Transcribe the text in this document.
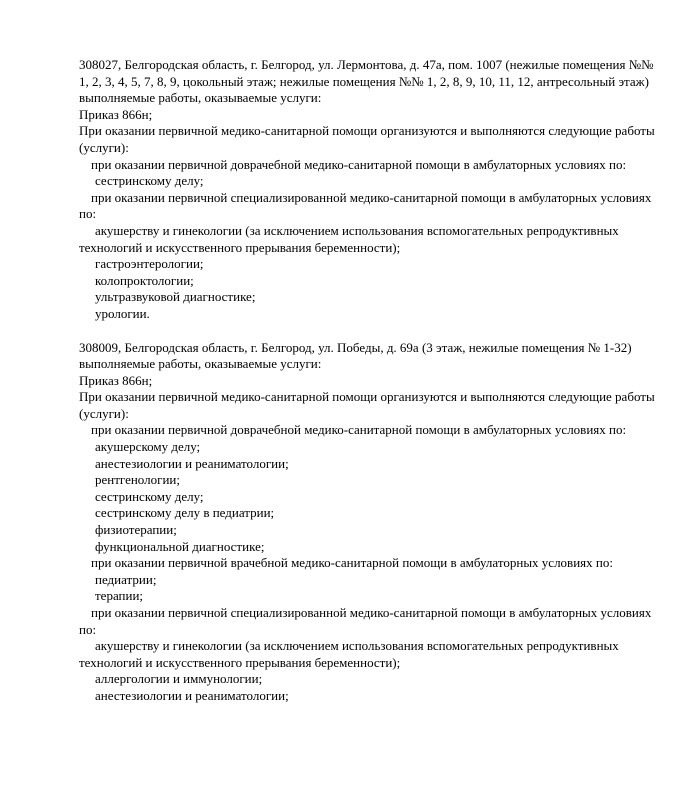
308027, Белгородская область, г. Белгород, ул. Лермонтова, д. 47а, пом. 1007 (нежилые помещения №№ 1, 2, 3, 4, 5, 7, 8, 9, цокольный этаж; нежилые помещения №№ 1, 2, 8, 9, 10, 11, 12, антресольный этаж)
выполняемые работы, оказываемые услуги:
Приказ 866н;
При оказании первичной медико-санитарной помощи организуются и выполняются следующие работы (услуги):
при оказании первичной доврачебной медико-санитарной помощи в амбулаторных условиях по:
сестринскому делу;
при оказании первичной специализированной медико-санитарной помощи в амбулаторных условиях по:
акушерству и гинекологии (за исключением использования вспомогательных репродуктивных технологий и искусственного прерывания беременности);
гастроэнтерологии;
колопроктологии;
ультразвуковой диагностике;
урологии.
308009, Белгородская область, г. Белгород, ул. Победы, д. 69а (3 этаж, нежилые помещения № 1-32)
выполняемые работы, оказываемые услуги:
Приказ 866н;
При оказании первичной медико-санитарной помощи организуются и выполняются следующие работы (услуги):
при оказании первичной доврачебной медико-санитарной помощи в амбулаторных условиях по:
акушерскому делу;
анестезиологии и реаниматологии;
рентгенологии;
сестринскому делу;
сестринскому делу в педиатрии;
физиотерапии;
функциональной диагностике;
при оказании первичной врачебной медико-санитарной помощи в амбулаторных условиях по:
педиатрии;
терапии;
при оказании первичной специализированной медико-санитарной помощи в амбулаторных условиях по:
акушерству и гинекологии (за исключением использования вспомогательных репродуктивных технологий и искусственного прерывания беременности);
аллергологии и иммунологии;
анестезиологии и реаниматологии;
